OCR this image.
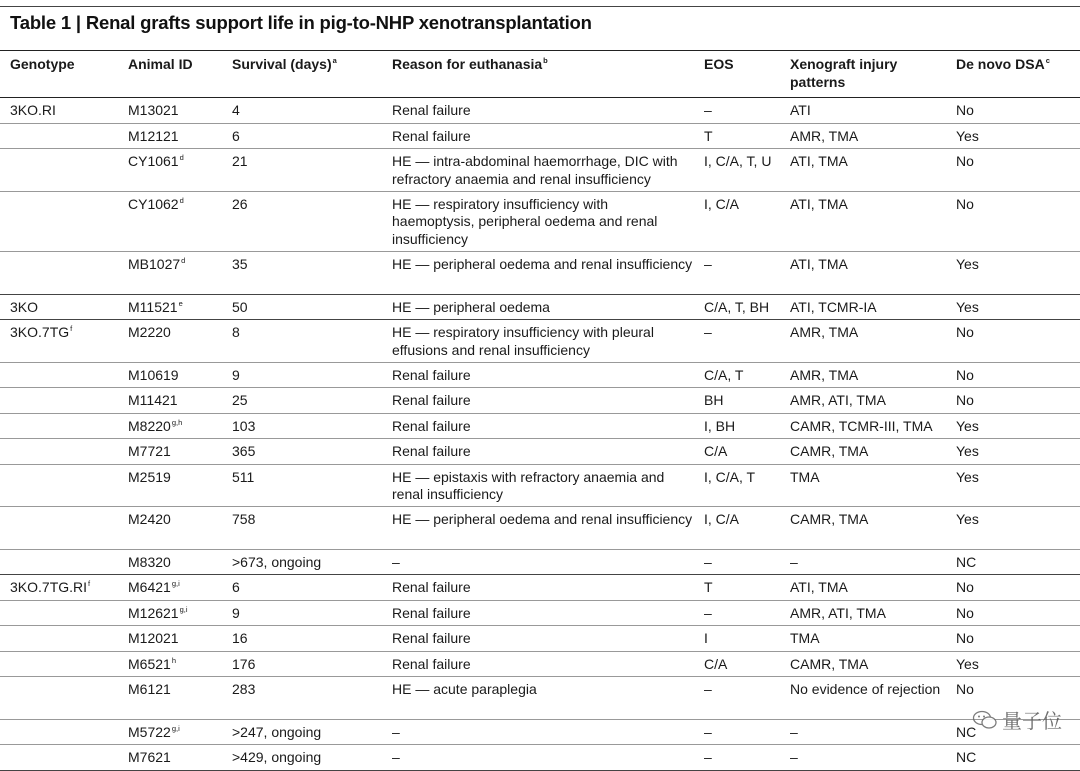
Table 1 | Renal grafts support life in pig-to-NHP xenotransplantation
Genotype	Animal ID	Survival (days)$^a$	Reason for euthanasia$^b$	EOS	Xenograft injury patterns	De novo DSA$^c$
3KO.RI	M13021	4	Renal failure	–	ATI	No
	M12121	6	Renal failure	T	AMR, TMA	Yes
	CY1061$^d$	21	HE — intra-abdominal haemorrhage, DIC with refractory anaemia and renal insufficiency	I, C/A, T, U	ATI, TMA	No
	CY1062$^d$	26	HE — respiratory insufficiency with haemoptysis, peripheral oedema and renal insufficiency	I, C/A	ATI, TMA	No
	MB1027$^d$	35	HE — peripheral oedema and renal insufficiency	–	ATI, TMA	Yes
3KO	M11521e	50	HE — peripheral oedema	C/A, T, BH	ATI, TCMR-IA	Yes
$3KO.7TG^f$	M2220	8	HE — respiratory insufficiency with pleural effusions and renal insufficiency	–	AMR, TMA	No
	M10619	9	Renal failure	C/A, T	AMR, TMA	No
	M11421	25	Renal failure	BH	AMR, ATI, TMA	No
	M8220$^{g,h}$	103	Renal failure	I, BH	CAMR, TCMR-III, TMA	Yes
	M7721	365	Renal failure	C/A	CAMR, TMA	Yes
	M2519	511	HE — epistaxis with refractory anaemia and renal insufficiency	I, C/A, T	TMA	Yes
	M2420	758	HE — peripheral oedema and renal insufficiency	I, C/A	CAMR, TMA	Yes
	M8320	>673, ongoing	–	–	–	NC
$3KO.7TG.RI^f$	M6421$^{g,i}$	6	Renal failure	T	ATI, TMA	No
	M12621$^{g,i}$	9	Renal failure	–	AMR, ATI, TMA	No
	M12021	16	Renal failure	I	TMA	No
	M6521$^h$	176	Renal failure	C/A	CAMR, TMA	Yes
	M6121	283	HE — acute paraplegia	–	No evidence of rejection	No
	$M5722^{g,i}$	>247, ongoing	–	–	–	NC
	M7621	>429, ongoing	–	–	–	NC
量子位
